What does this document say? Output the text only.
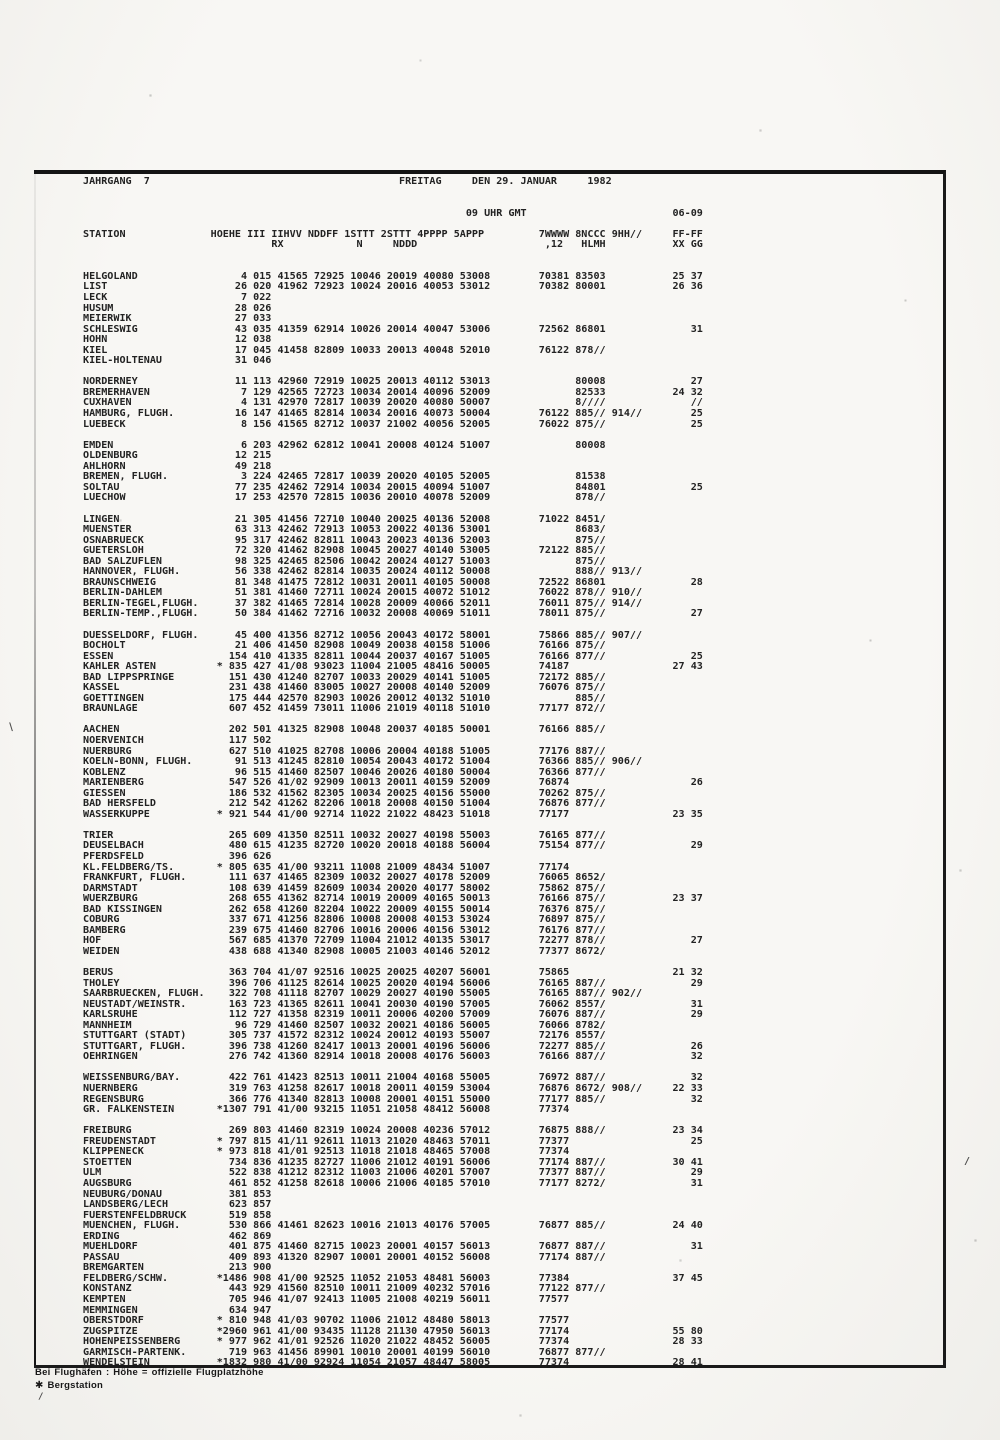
JAHRGANG  7                                         FREITAG     DEN 29. JANUAR     1982
09 UHR GMT                        06-09
STATION              HOEHE III IIHVV NDDFF 1STTT 2STTT 4PPPP 5APPP         7WWWW 8NCCC 9HH//     FF-FF
RX            N     NDDD                     ,12   HLMH           XX GG
HELGOLAND                 4 015 41565 72925 10046 20019 40080 53008        70381 83503           25 37
LIST                     26 020 41962 72923 10024 20016 40053 53012        70382 80001           26 36
LECK                      7 022
HUSUM                    28 026
MEIERWIK                 27 033
SCHLESWIG                43 035 41359 62914 10026 20014 40047 53006        72562 86801              31
HOHN                     12 038
KIEL                     17 045 41458 82809 10033 20013 40048 52010        76122 878//
KIEL-HOLTENAU            31 046
NORDERNEY                11 113 42960 72919 10025 20013 40112 53013              80008              27
BREMERHAVEN               7 129 42565 72723 10034 20014 40096 52009              82533           24 32
CUXHAVEN                  4 131 42970 72817 10039 20020 40080 50007              8////              //
HAMBURG, FLUGH.          16 147 41465 82814 10034 20016 40073 50004        76122 885// 914//        25
LUEBECK                   8 156 41565 82712 10037 21002 40056 52005        76022 875//              25
EMDEN                     6 203 42962 62812 10041 20008 40124 51007              80008
OLDENBURG                12 215
AHLHORN                  49 218
BREMEN, FLUGH.            3 224 42465 72817 10039 20020 40105 52005              81538
SOLTAU                   77 235 42462 72914 10034 20015 40094 51007              84801              25
LUECHOW                  17 253 42570 72815 10036 20010 40078 52009              878//
LINGEN                   21 305 41456 72710 10040 20025 40136 52008        71022 8451/
MUENSTER                 63 313 42462 72913 10053 20022 40136 53001              8683/
OSNABRUECK               95 317 42462 82811 10043 20023 40136 52003              875//
GUETERSLOH               72 320 41462 82908 10045 20027 40140 53005        72122 885//
BAD SALZUFLEN            98 325 42465 82506 10042 20024 40127 51003              875//
HANNOVER, FLUGH.         56 338 42462 82814 10035 20024 40112 50008              888// 913//
BRAUNSCHWEIG             81 348 41475 72812 10031 20011 40105 50008        72522 86801              28
BERLIN-DAHLEM            51 381 41460 72711 10024 20015 40072 51012        76022 878// 910//
BERLIN-TEGEL,FLUGH.      37 382 41465 72814 10028 20009 40066 52011        76011 875// 914//
BERLIN-TEMP.,FLUGH.      50 384 41462 72716 10032 20008 40069 51011        78011 875//              27
DUESSELDORF, FLUGH.      45 400 41356 82712 10056 20043 40172 58001        75866 885// 907//
BOCHOLT                  21 406 41450 82908 10049 20038 40158 51006        76166 875//
ESSEN                   154 410 41335 82811 10044 20037 40167 51005        76166 877//              25
KAHLER ASTEN          * 835 427 41/08 93023 11004 21005 48416 50005        74187                 27 43
BAD LIPPSPRINGE         151 430 41240 82707 10033 20029 40141 51005        72172 885//
KASSEL                  231 438 41460 83005 10027 20008 40140 52009        76076 875//
GOETTINGEN              175 444 42570 82903 10026 20012 40132 51010              885//
BRAUNLAGE               607 452 41459 73011 11006 21019 40118 51010        77177 872//
AACHEN                  202 501 41325 82908 10048 20037 40185 50001        76166 885//
NOERVENICH              117 502
NUERBURG                627 510 41025 82708 10006 20004 40188 51005        77176 887//
KOELN-BONN, FLUGH.       91 513 41245 82810 10054 20043 40172 51004        76366 885// 906//
KOBLENZ                  96 515 41460 82507 10046 20026 40180 50004        76366 877//
MARIENBERG              547 526 41/02 92909 10013 20011 40159 52009        76874                    26
GIESSEN                 186 532 41562 82305 10034 20025 40156 55000        70262 875//
BAD HERSFELD            212 542 41262 82206 10018 20008 40150 51004        76876 877//
WASSERKUPPE           * 921 544 41/00 92714 11022 21022 48423 51018        77177                 23 35
TRIER                   265 609 41350 82511 10032 20027 40198 55003        76165 877//
DEUSELBACH              480 615 41235 82720 10020 20018 40188 56004        75154 877//              29
PFERDSFELD              396 626
KL.FELDBERG/TS.       * 805 635 41/00 93211 11008 21009 48434 51007        77174
FRANKFURT, FLUGH.       111 637 41465 82309 10032 20027 40178 52009        76065 8652/
DARMSTADT               108 639 41459 82609 10034 20020 40177 58002        75862 875//
WUERZBURG               268 655 41362 82714 10019 20009 40165 50013        76166 875//           23 37
BAD KISSINGEN           262 658 41260 82204 10022 20009 40155 50014        76376 875//
COBURG                  337 671 41256 82806 10008 20008 40153 53024        76897 875//
BAMBERG                 239 675 41460 82706 10016 20006 40156 53012        76176 877//
HOF                     567 685 41370 72709 11004 21012 40135 53017        72277 878//              27
WEIDEN                  438 688 41340 82908 10005 21003 40146 52012        77377 8672/
BERUS                   363 704 41/07 92516 10025 20025 40207 56001        75865                 21 32
THOLEY                  396 706 41125 82614 10025 20020 40194 56006        76165 887//              29
SAARBRUECKEN, FLUGH.    322 708 41118 82707 10029 20027 40190 55005        76165 887// 902//
NEUSTADT/WEINSTR.       163 723 41365 82611 10041 20030 40190 57005        76062 8557/              31
KARLSRUHE               112 727 41358 82319 10011 20006 40200 57009        76076 887//              29
MANNHEIM                 96 729 41460 82507 10032 20021 40186 56005        76066 8782/
STUTTGART (STADT)       305 737 41572 82312 10024 20012 40193 55007        72176 8557/
STUTTGART, FLUGH.       396 738 41260 82417 10013 20001 40196 56006        72277 885//              26
OEHRINGEN               276 742 41360 82914 10018 20008 40176 56003        76166 887//              32
WEISSENBURG/BAY.        422 761 41423 82513 10011 21004 40168 55005        76972 887//              32
NUERNBERG               319 763 41258 82617 10018 20011 40159 53004        76876 8672/ 908//     22 33
REGENSBURG              366 776 41340 82813 10008 20001 40151 55000        77177 885//              32
GR. FALKENSTEIN       *1307 791 41/00 93215 11051 21058 48412 56008        77374
FREIBURG                269 803 41460 82319 10024 20008 40236 57012        76875 888//           23 34
FREUDENSTADT          * 797 815 41/11 92611 11013 21020 48463 57011        77377                    25
KLIPPENECK            * 973 818 41/01 92513 11018 21018 48465 57008        77374
STOETTEN                734 836 41235 82727 11006 21012 40191 56006        77174 887//           30 41
ULM                     522 838 41212 82312 11003 21006 40201 57007        77377 887//              29
AUGSBURG                461 852 41258 82618 10006 21006 40185 57010        77177 8272/              31
NEUBURG/DONAU           381 853
LANDSBERG/LECH          623 857
FUERSTENFELDBRUCK       519 858
MUENCHEN, FLUGH.        530 866 41461 82623 10016 21013 40176 57005        76877 885//           24 40
ERDING                  462 869
MUEHLDORF               401 875 41460 82715 10023 20001 40157 56013        76877 887//              31
PASSAU                  409 893 41320 82907 10001 20001 40152 56008        77174 887//
BREMGARTEN              213 900
FELDBERG/SCHW.        *1486 908 41/00 92525 11052 21053 48481 56003        77384                 37 45
KONSTANZ                443 929 41560 82510 10011 21009 40232 57016        77122 877//
KEMPTEN                 705 946 41/07 92413 11005 21008 40219 56011        77577
MEMMINGEN               634 947
OBERSTDORF            * 810 948 41/03 90702 11006 21012 48480 58013        77577
ZUGSPITZE             *2960 961 41/00 93435 11128 21130 47950 56013        77174                 55 80
HOHENPEISSENBERG      * 977 962 41/01 92526 11020 21022 48452 56005        77374                 28 33
GARMISCH-PARTENK.       719 963 41456 89901 10010 20001 40199 56010        76877 877//
WENDELSTEIN           *1832 980 41/00 92924 11054 21057 48447 58005        77374                 28 41
Bei Flughäfen : Höhe = offizielle Flugplatzhöhe
✱ Bergstation
\
/
/
